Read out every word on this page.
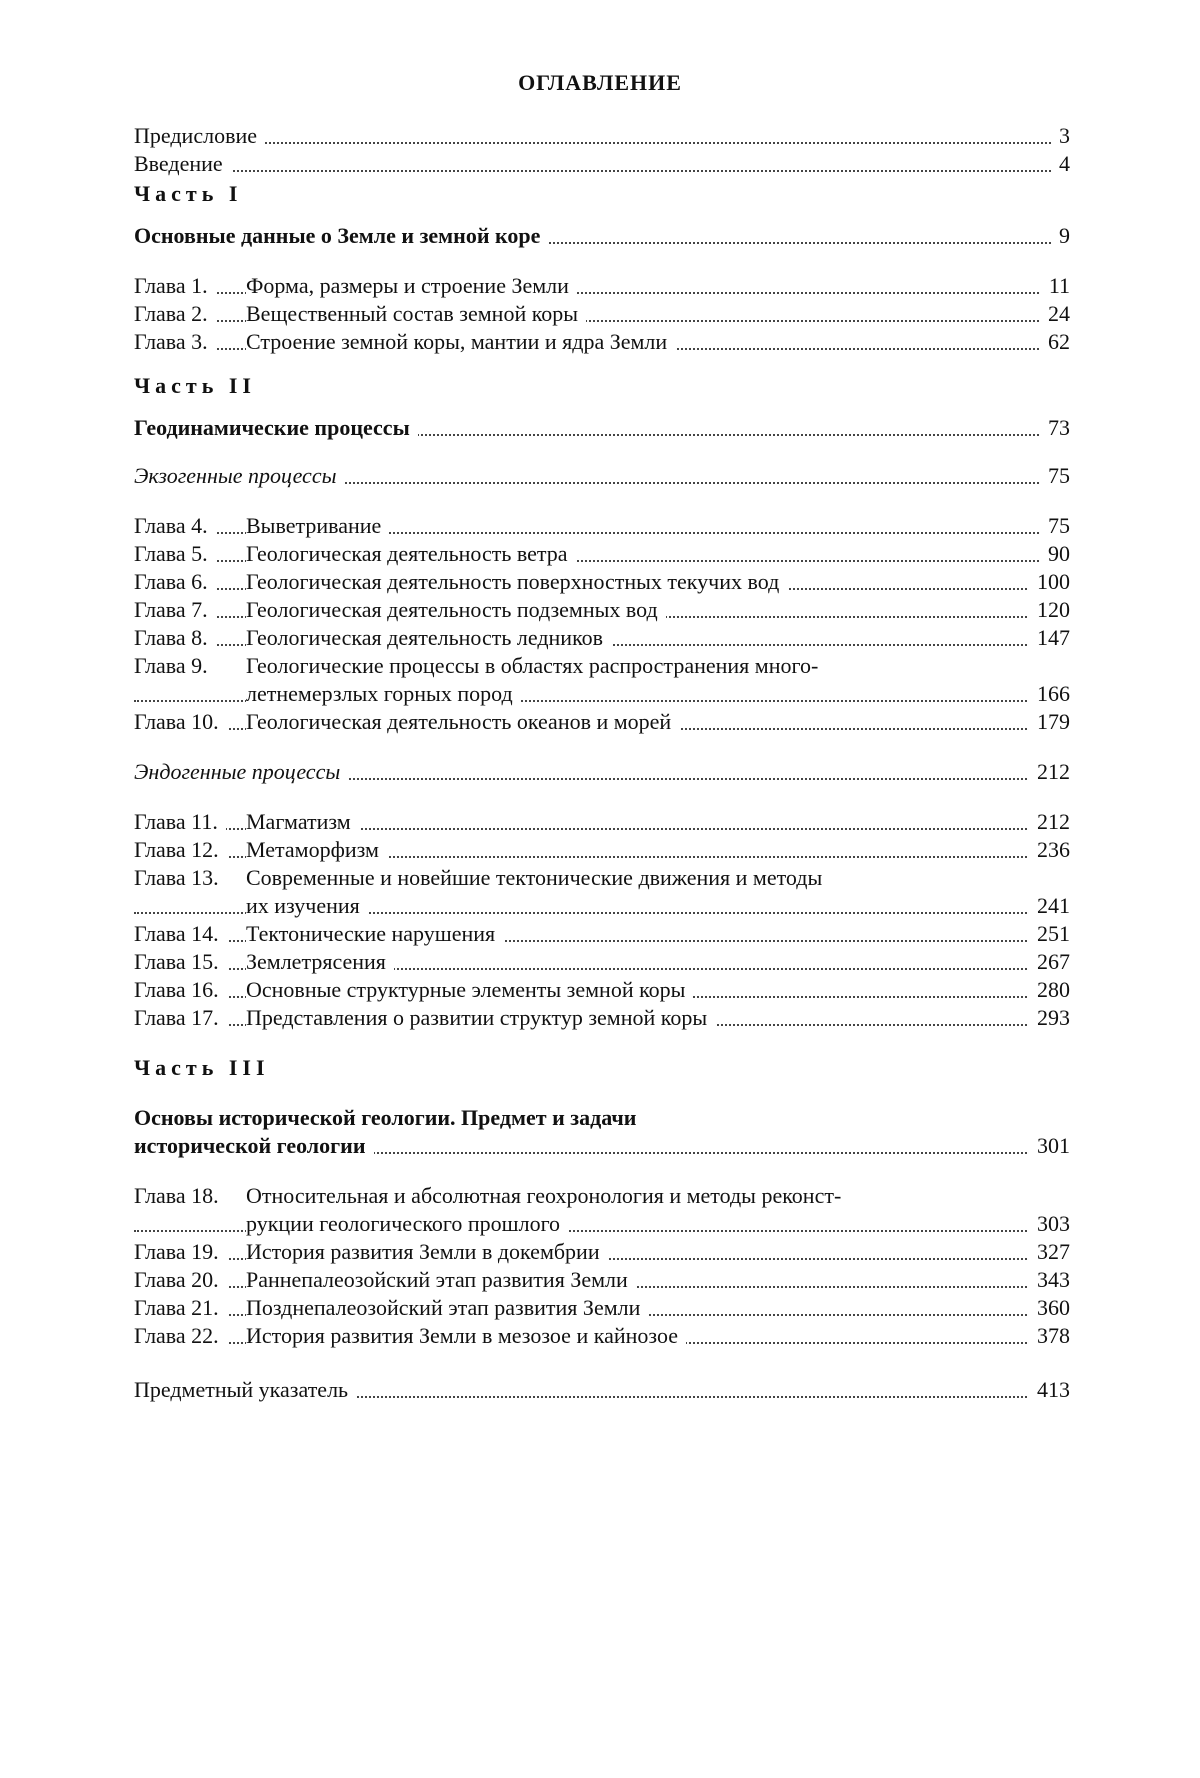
ОГЛАВЛЕНИЕ
Предисловие	3
Введение	4
Часть I
Основные данные о Земле и земной коре	9
Глава 1.	Форма, размеры и строение Земли	11
Глава 2.	Вещественный состав земной коры	24
Глава 3.	Строение земной коры, мантии и ядра Земли	62
Часть II
Геодинамические процессы	73
Экзогенные процессы	75
Глава 4.	Выветривание	75
Глава 5.	Геологическая деятельность ветра	90
Глава 6.	Геологическая деятельность поверхностных текучих вод	100
Глава 7.	Геологическая деятельность подземных вод	120
Глава 8.	Геологическая деятельность ледников	147
Глава 9.	Геологические процессы в областях распространения много-
летнемерзлых горных пород	166
Глава 10.	Геологическая деятельность океанов и морей	179
Эндогенные процессы	212
Глава 11.	Магматизм	212
Глава 12.	Метаморфизм	236
Глава 13.	Современные и новейшие тектонические движения и методы
их изучения	241
Глава 14.	Тектонические нарушения	251
Глава 15.	Землетрясения	267
Глава 16.	Основные структурные элементы земной коры	280
Глава 17.	Представления о развитии структур земной коры	293
Часть III
Основы исторической геологии. Предмет и задачи
исторической геологии	301
Глава 18.	Относительная и абсолютная геохронология и методы реконст-
рукции геологического прошлого	303
Глава 19.	История развития Земли в докембрии	327
Глава 20.	Раннепалеозойский этап развития Земли	343
Глава 21.	Позднепалеозойский этап развития Земли	360
Глава 22.	История развития Земли в мезозое и кайнозое	378
Предметный указатель	413
